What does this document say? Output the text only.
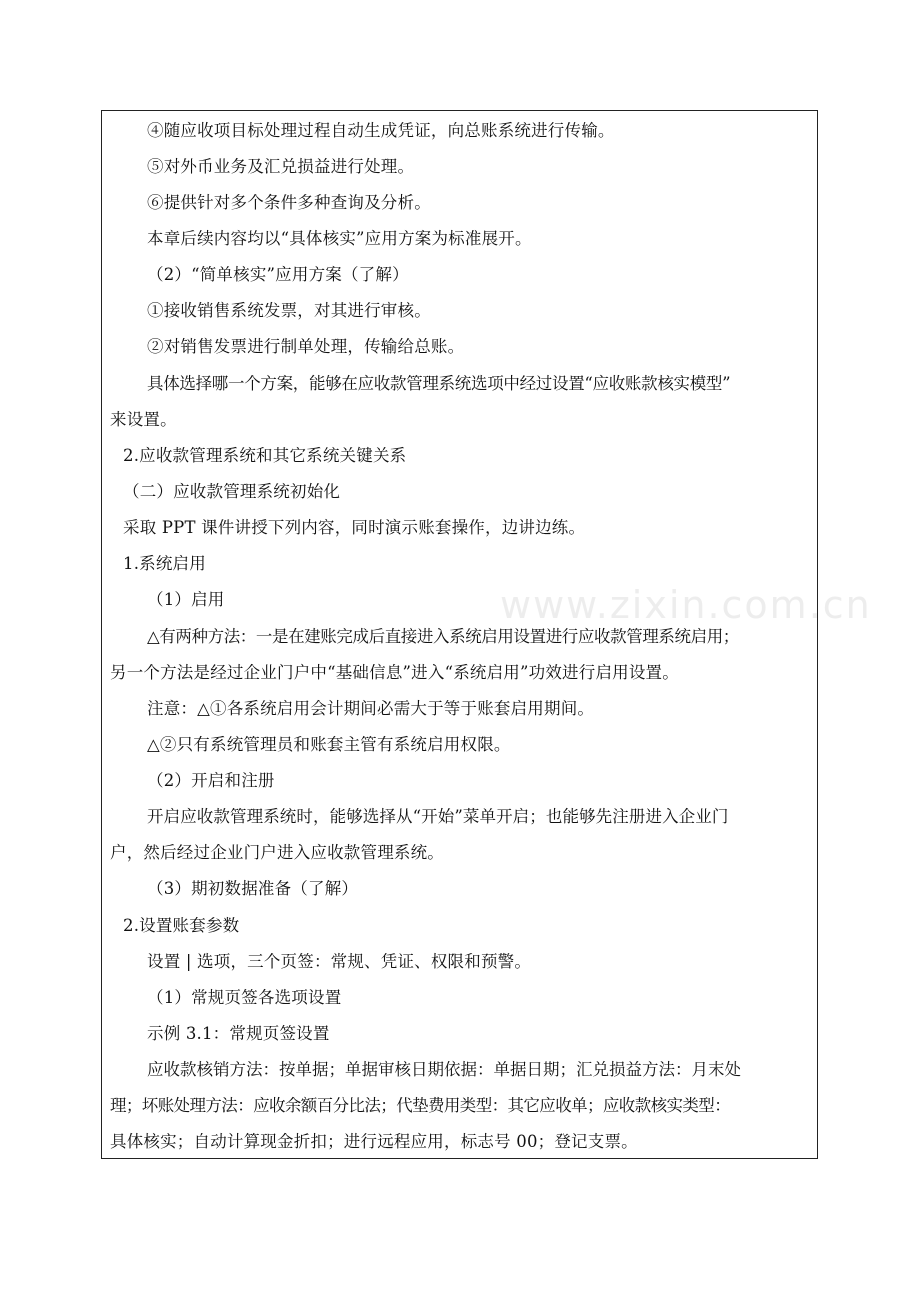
www.zixin.com.cn
④随应收项目标处理过程自动生成凭证，向总账系统进行传输。
⑤对外币业务及汇兑损益进行处理。
⑥提供针对多个条件多种查询及分析。
本章后续内容均以“具体核实”应用方案为标准展开。
（2）“简单核实”应用方案（了解）
①接收销售系统发票，对其进行审核。
②对销售发票进行制单处理，传输给总账。
具体选择哪一个方案，能够在应收款管理系统选项中经过设置“应收账款核实模型”
来设置。
2.应收款管理系统和其它系统关键关系
（二）应收款管理系统初始化
采取 PPT 课件讲授下列内容，同时演示账套操作，边讲边练。
1.系统启用
（1）启用
△有两种方法：一是在建账完成后直接进入系统启用设置进行应收款管理系统启用；
另一个方法是经过企业门户中“基础信息”进入“系统启用”功效进行启用设置。
注意：△①各系统启用会计期间必需大于等于账套启用期间。
△②只有系统管理员和账套主管有系统启用权限。
（2）开启和注册
开启应收款管理系统时，能够选择从“开始”菜单开启；也能够先注册进入企业门
户，然后经过企业门户进入应收款管理系统。
（3）期初数据准备（了解）
2.设置账套参数
设置 | 选项，三个页签：常规、凭证、权限和预警。
（1）常规页签各选项设置
示例 3.1：常规页签设置
应收款核销方法：按单据；单据审核日期依据：单据日期；汇兑损益方法：月末处
理；坏账处理方法：应收余额百分比法；代垫费用类型：其它应收单；应收款核实类型：
具体核实；自动计算现金折扣；进行远程应用，标志号 00；登记支票。
